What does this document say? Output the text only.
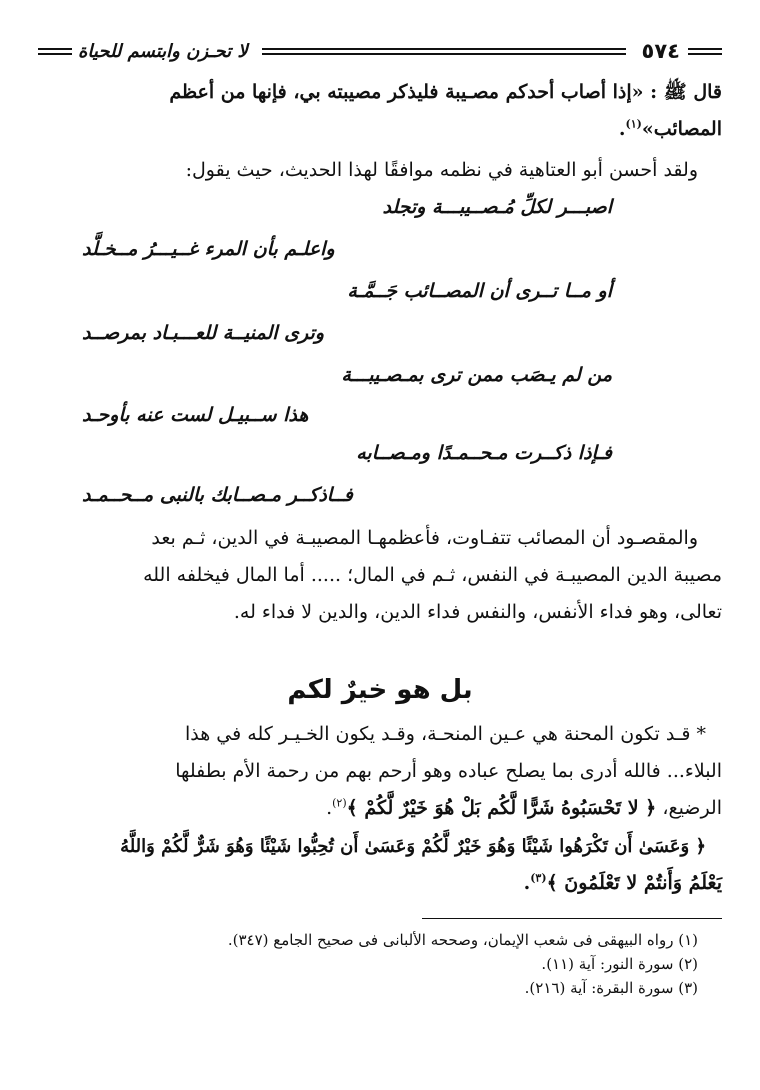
٥٧٤
لا تحـزن وابتسم للحياة

قال ﷺ : «إذا أصاب أحدكم مصـيبة فليذكر مصيبته بي، فإنها من أعظم
المصائب»$^{(١)}$.

ولقد أحسن أبو العتاهية في نظمه موافقًا لهذا الحديث، حيث يقول:

اصبـــر لكلِّ مُـصــيبـــة وتجلد

واعلـم بأن المرء غــيـــرُ مــخـلَّد

أو مــا تــرى أن المصــائب جَــمَّـة

وترى المنيــة للعـــبـاد بمرصــد

من لم يـصَب ممن ترى بمـصـيبـــة

هذا ســبيـل لست عنه بأوحـد

فـإذا ذكــرت مـحــمـدًا ومـصــابه

فــاذكــر مـصــابك بالنبى مــحــمـد

والمقصـود أن المصائب تتفـاوت، فأعظمهـا المصيبـة في الدين، ثـم بعد
مصيبة الدين المصيبـة في النفس، ثـم في المال؛ ..... أما المال فيخلفه الله
تعالى، وهو فداء الأنفس، والنفس فداء الدين، والدين لا فداء له.

بل هو خيرٌ لكم

* قـد تكون المحنة هي عـين المنحـة، وقـد يكون الخـيـر كله في هذا
البلاء... فالله أدرى بما يصلح عباده وهو أرحم بهم من رحمة الأم بطفلها
الرضيع، ﴿ لا تَحْسَبُوهُ شَرًّا لَّكُم بَلْ هُوَ خَيْرٌ لَّكُمْ ﴾$^{(٢)}$.

﴿ وَعَسَىٰ أَن تَكْرَهُوا شَيْئًا وَهُوَ خَيْرٌ لَّكُمْ وَعَسَىٰ أَن تُحِبُّوا شَيْئًا وَهُوَ شَرٌّ لَّكُمْ وَاللَّهُ
يَعْلَمُ وَأَنتُمْ لا تَعْلَمُونَ ﴾$^{(٣)}$.

(١) رواه البيهقى فى شعب الإيمان، وصححه الألبانى فى صحيح الجامع (٣٤٧).
(٢) سورة النور: آية (١١).
(٣) سورة البقرة: آية (٢١٦).
